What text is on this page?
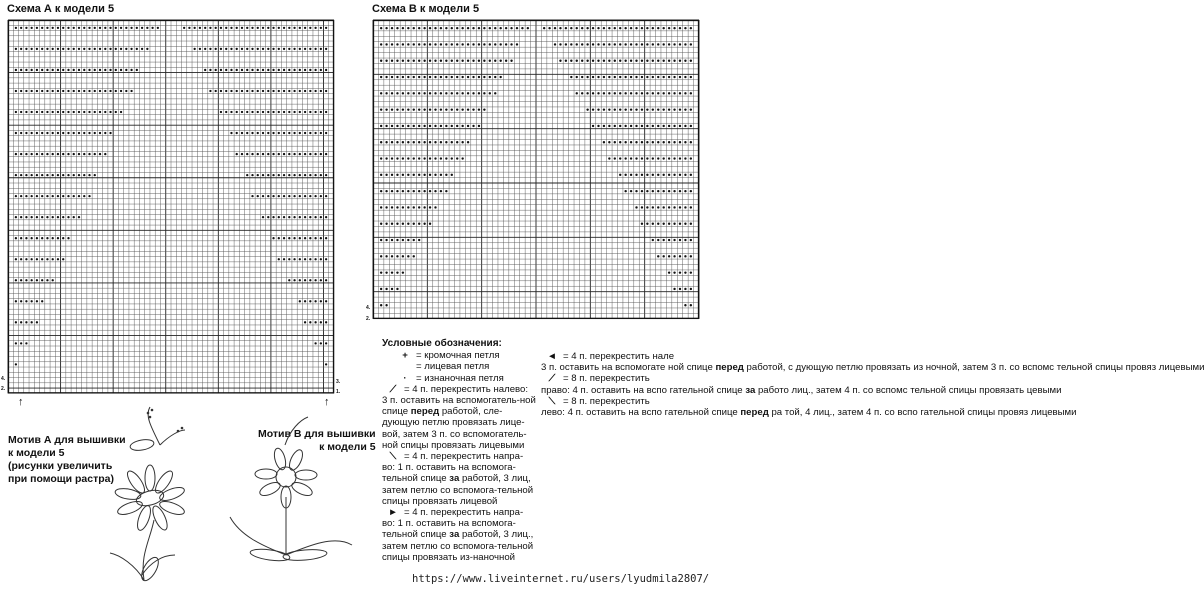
Схема А к модели 5	Схема В к модели 5
4.
2.
3.
1.
4.
2.
↑	↑
Мотив А для вышивки
к модели 5
(рисунки увеличить
при помощи растра)
Мотив В для вышивки
к модели 5
Условные обозначения:
+ = кромочная петля
= лицевая петля
· = изнаночная петля
⟋ = 4 п. перекрестить налево:
3 п. оставить на вспомогатель-ной спице перед работой, сле-дующую петлю провязать лице-вой, затем 3 п. со вспомогатель-ной спицы провязать лицевыми
⟍ = 4 п. перекрестить напра-
во: 1 п. оставить на вспомога-тельной спице за работой, 3 лиц, затем петлю со вспомога-тельной спицы провязать лицевой
► = 4 п. перекрестить напра-
во: 1 п. оставить на вспомога-тельной спице за работой, 3 лиц., затем петлю со вспомога-тельной спицы провязать из-наночной
◄ = 4 п. перекрестить нале
3 п. оставить на вспомогате ной спице перед работой, с дующую петлю провязать из ночной, затем 3 п. со вспомс тельной спицы провяз лицевыми
⟋ = 8 п. перекрестить
право: 4 п. оставить на вспо гательной спице за работо лиц., затем 4 п. со вспомс тельной спицы провязать цевыми
⟍ = 8 п. перекрестить
лево: 4 п. оставить на вспо гательной спице перед ра той, 4 лиц., затем 4 п. со вспо гательной спицы провяз лицевыми
https://www.liveinternet.ru/users/lyudmila2807/
